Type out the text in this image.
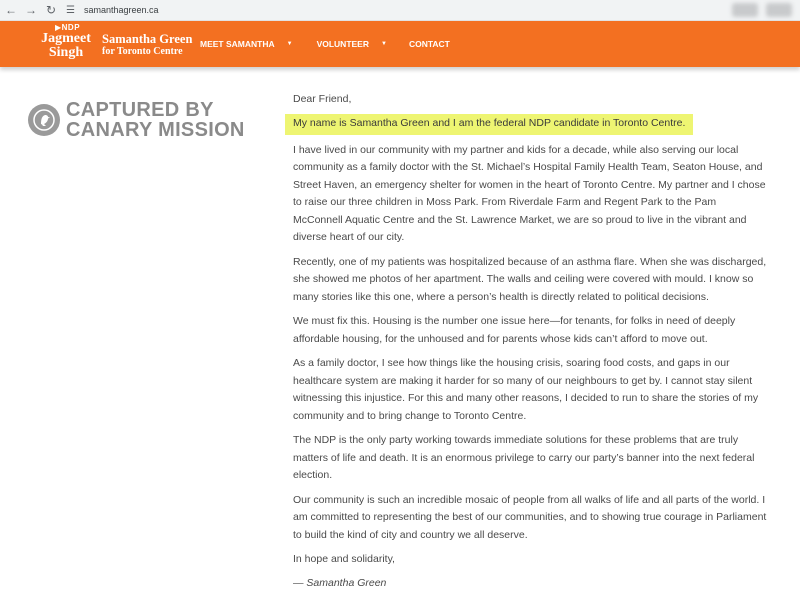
← → ↻ ☰	samanthagreen.ca
▶NDP
Jagmeet
Singh
Samantha Green
for Toronto Centre
MEET SAMANTHA ▼	VOLUNTEER ▼	CONTACT
CAPTURED BY
CANARY MISSION

Dear Friend,

My name is Samantha Green and I am the federal NDP candidate in Toronto Centre.

I have lived in our community with my partner and kids for a decade, while also serving our local community as a family doctor with the St. Michael’s Hospital Family Health Team, Seaton House, and Street Haven, an emergency shelter for women in the heart of Toronto Centre. My partner and I chose to raise our three children in Moss Park. From Riverdale Farm and Regent Park to the Pam McConnell Aquatic Centre and the St. Lawrence Market, we are so proud to live in the vibrant and diverse heart of our city.

Recently, one of my patients was hospitalized because of an asthma flare. When she was discharged, she showed me photos of her apartment. The walls and ceiling were covered with mould. I know so many stories like this one, where a person’s health is directly related to political decisions.

We must fix this. Housing is the number one issue here—for tenants, for folks in need of deeply affordable housing, for the unhoused and for parents whose kids can’t afford to move out.

As a family doctor, I see how things like the housing crisis, soaring food costs, and gaps in our healthcare system are making it harder for so many of our neighbours to get by. I cannot stay silent witnessing this injustice. For this and many other reasons, I decided to run to share the stories of my community and to bring change to Toronto Centre.

The NDP is the only party working towards immediate solutions for these problems that are truly matters of life and death. It is an enormous privilege to carry our party’s banner into the next federal election.

Our community is such an incredible mosaic of people from all walks of life and all parts of the world. I am committed to representing the best of our communities, and to showing true courage in Parliament to build the kind of city and country we all deserve.

In hope and solidarity,

— Samantha Green
